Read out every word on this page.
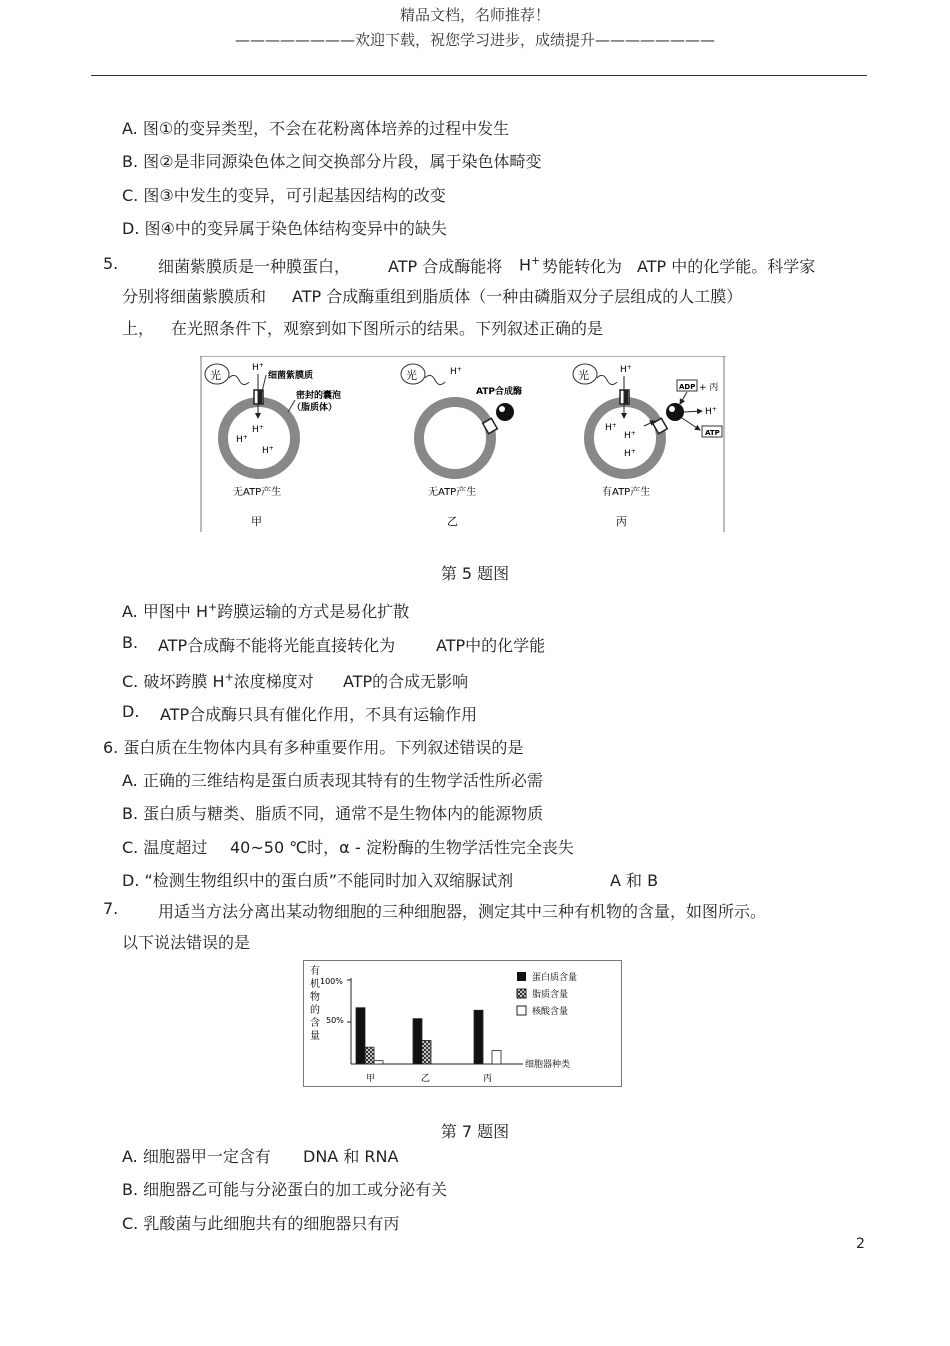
精品文档，名师推荐！
————————欢迎下载，祝您学习进步，成绩提升————————
A. 图①的变异类型，不会在花粉离体培养的过程中发生
B. 图②是非同源染色体之间交换部分片段，属于染色体畸变
C. 图③中发生的变异，可引起基因结构的改变
D. 图④中的变异属于染色体结构变异中的缺失
5. 细菌紫膜质是一种膜蛋白， ATP 合成酶能将 H+ 势能转化为 ATP 中的化学能。科学家
分别将细菌紫膜质和 ATP 合成酶重组到脂质体（一种由磷脂双分子层组成的人工膜）
上， 在光照条件下，观察到如下图所示的结果。下列叙述正确的是
光
H+
细菌紫膜质
密封的囊泡
（脂质体）
H+
H+
H+
无ATP产生
甲
光	H+
ATP合成酶
无ATP产生
乙
光	H+
H+
H+
H+
ADP + 丙
H+
ATP
有ATP产生
丙
第 5 题图
A. 甲图中 H+跨膜运输的方式是易化扩散
B. ATP合成酶不能将光能直接转化为	ATP中的化学能
C. 破坏跨膜 H+浓度梯度对 ATP的合成无影响
D. ATP合成酶只具有催化作用，不具有运输作用
6. 蛋白质在生物体内具有多种重要作用。下列叙述错误的是
A. 正确的三维结构是蛋白质表现其特有的生物学活性所必需
B. 蛋白质与糖类、脂质不同，通常不是生物体内的能源物质
C. 温度超过 40~50 ℃时，α - 淀粉酶的生物学活性完全丧失
D. “检测生物组织中的蛋白质”不能同时加入双缩脲试剂	A 和 B
7. 用适当方法分离出某动物细胞的三种细胞器，测定其中三种有机物的含量，如图所示。
以下说法错误的是
有机物的含量
100%
50%
甲	乙	丙
细胞器种类
蛋白质含量
脂质含量
核酸含量
第 7 题图
A. 细胞器甲一定含有 DNA 和 RNA
B. 细胞器乙可能与分泌蛋白的加工或分泌有关
C. 乳酸菌与此细胞共有的细胞器只有丙
2
